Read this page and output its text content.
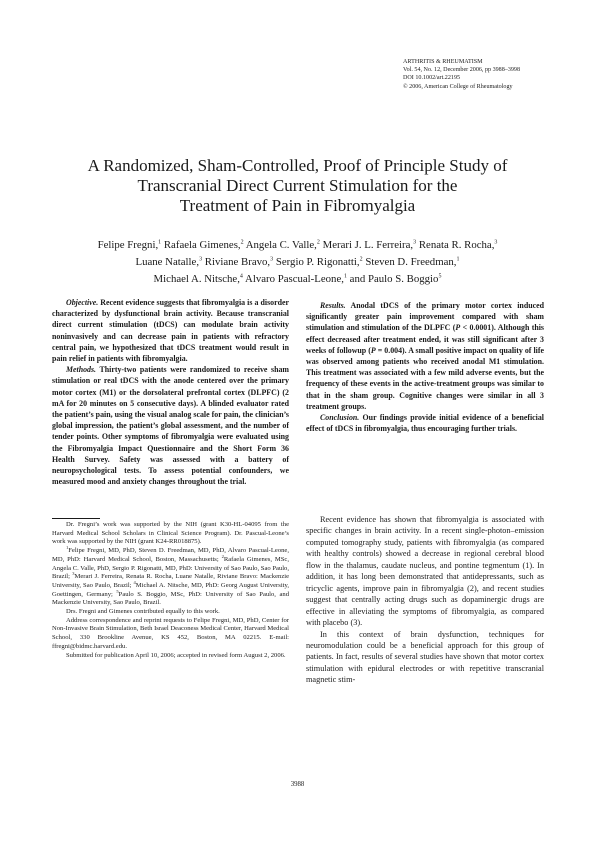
ARTHRITIS & RHEUMATISM
Vol. 54, No. 12, December 2006, pp 3988–3998
DOI 10.1002/art.22195
© 2006, American College of Rheumatology
A Randomized, Sham-Controlled, Proof of Principle Study of
Transcranial Direct Current Stimulation for the
Treatment of Pain in Fibromyalgia
Felipe Fregni,$^1$ Rafaela Gimenes,$^2$ Angela C. Valle,$^2$ Merari J. L. Ferreira,$^3$ Renata R. Rocha,$^3$
Luane Natalle,$^3$ Riviane Bravo,$^3$ Sergio P. Rigonatti,$^2$ Steven D. Freedman,$^1$
Michael A. Nitsche,$^4$ Alvaro Pascual-Leone,$^1$ and Paulo S. Boggio$^5$

Objective. Recent evidence suggests that fibromyalgia is a disorder characterized by dysfunctional brain activity. Because transcranial direct current stimulation (tDCS) can modulate brain activity noninvasively and can decrease pain in patients with refractory central pain, we hypothesized that tDCS treatment would result in pain relief in patients with fibromyalgia.

Methods. Thirty-two patients were randomized to receive sham stimulation or real tDCS with the anode centered over the primary motor cortex (M1) or the dorsolateral prefrontal cortex (DLPFC) (2 mA for 20 minutes on 5 consecutive days). A blinded evaluator rated the patient’s pain, using the visual analog scale for pain, the clinician’s global impression, the patient’s global assessment, and the number of tender points. Other symptoms of fibromyalgia were evaluated using the Fibromyalgia Impact Questionnaire and the Short Form 36 Health Survey. Safety was assessed with a battery of neuropsychological tests. To assess potential confounders, we measured mood and anxiety changes throughout the trial.

Results. Anodal tDCS of the primary motor cortex induced significantly greater pain improvement compared with sham stimulation and stimulation of the DLPFC (P < 0.0001). Although this effect decreased after treatment ended, it was still significant after 3 weeks of followup (P = 0.004). A small positive impact on quality of life was observed among patients who received anodal M1 stimulation. This treatment was associated with a few mild adverse events, but the frequency of these events in the active-treatment groups was similar to that in the sham group. Cognitive changes were similar in all 3 treatment groups.

Conclusion. Our findings provide initial evidence of a beneficial effect of tDCS in fibromyalgia, thus encouraging further trials.

Recent evidence has shown that fibromyalgia is associated with specific changes in brain activity. In a recent single-photon–emission computed tomography study, patients with fibromyalgia (as compared with healthy controls) showed a decrease in regional cerebral blood flow in the thalamus, caudate nucleus, and pontine tegmentum (1). In addition, it has long been demonstrated that antidepressants, such as tricyclic agents, improve pain in fibromyalgia (2), and recent studies suggest that centrally acting drugs such as dopaminergic drugs are effective in alleviating the symptoms of fibromyalgia, as compared with placebo (3).

In this context of brain dysfunction, techniques for neuromodulation could be a beneficial approach for this group of patients. In fact, results of several studies have shown that motor cortex stimulation with epidural electrodes or with repetitive transcranial magnetic stim-

Dr. Fregni’s work was supported by the NIH (grant K30-HL-04095 from the Harvard Medical School Scholars in Clinical Science Program). Dr. Pascual-Leone’s work was supported by the NIH (grant K24-RR018875).

$^1$Felipe Fregni, MD, PhD, Steven D. Freedman, MD, PhD, Alvaro Pascual-Leone, MD, PhD: Harvard Medical School, Boston, Massachusetts; $^2$Rafaela Gimenes, MSc, Angela C. Valle, PhD, Sergio P. Rigonatti, MD, PhD: University of Sao Paulo, Sao Paulo, Brazil; $^3$Merari J. Ferreira, Renata R. Rocha, Luane Natalle, Riviane Bravo: Mackenzie University, Sao Paulo, Brazil; $^4$Michael A. Nitsche, MD, PhD: Georg August University, Goettingen, Germany; $^5$Paulo S. Boggio, MSc, PhD: University of Sao Paulo, and Mackenzie University, Sao Paulo, Brazil.

Drs. Fregni and Gimenes contributed equally to this work.

Address correspondence and reprint requests to Felipe Fregni, MD, PhD, Center for Non-Invasive Brain Stimulation, Beth Israel Deaconess Medical Center, Harvard Medical School, 330 Brookline Avenue, KS 452, Boston, MA 02215. E-mail: ffregni@bidmc.harvard.edu.

Submitted for publication April 10, 2006; accepted in revised form August 2, 2006.

3988
